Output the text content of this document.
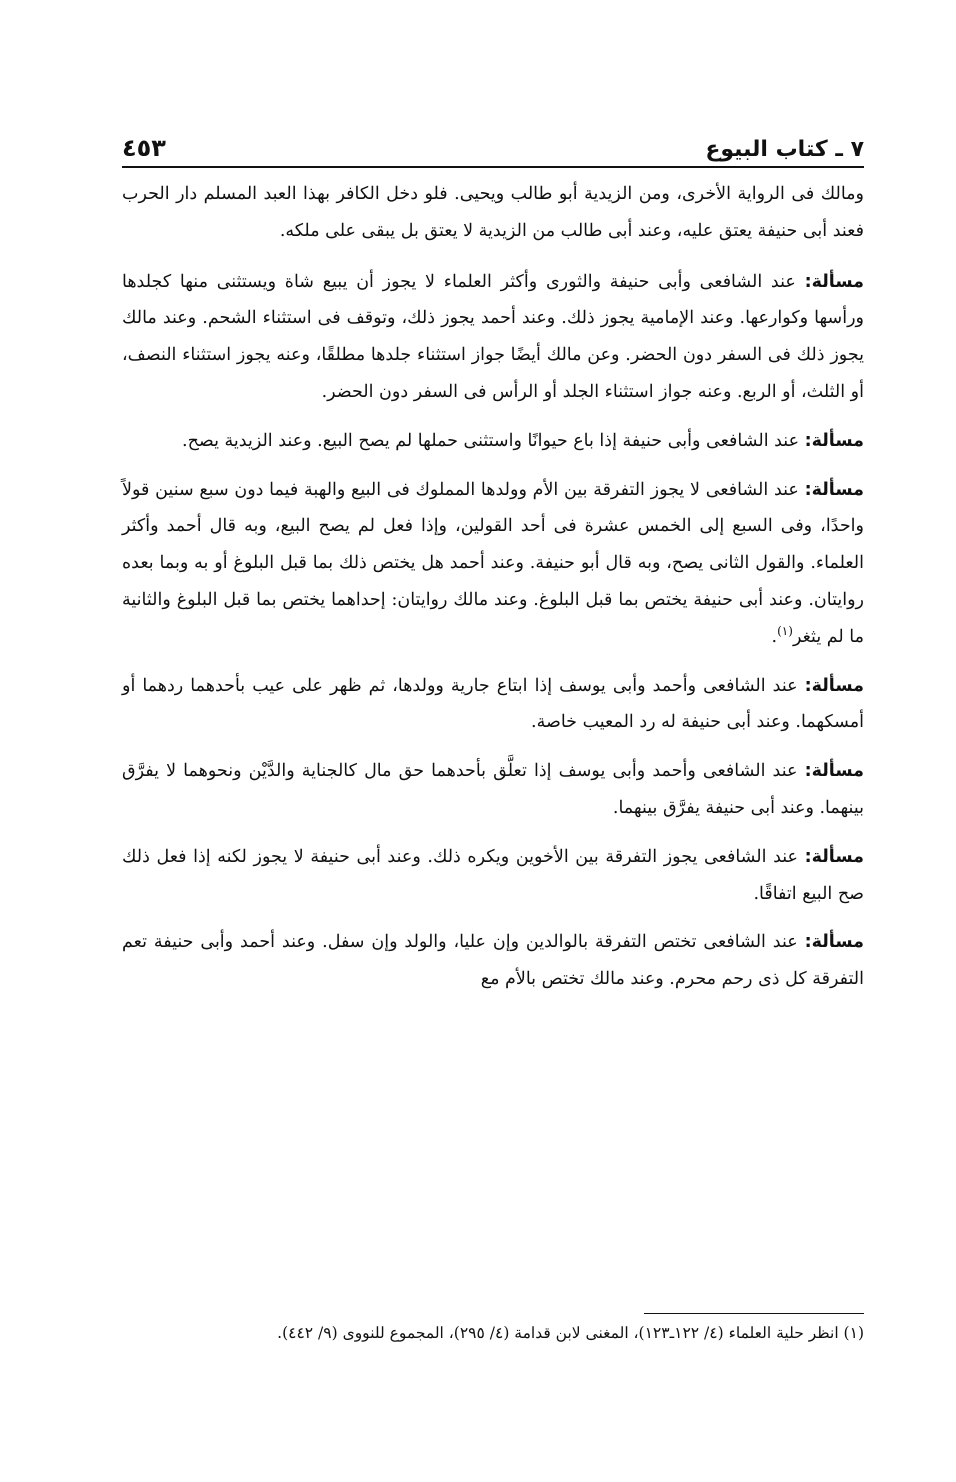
٧ ـ كتاب البيوع
٤٥٣

ومالك فى الرواية الأخرى، ومن الزيدية أبو طالب ويحيى. فلو دخل الكافر بهذا العبد المسلم دار الحرب فعند أبى حنيفة يعتق عليه، وعند أبى طالب من الزيدية لا يعتق بل يبقى على ملكه.

مسألة: عند الشافعى وأبى حنيفة والثورى وأكثر العلماء لا يجوز أن يبيع شاة ويستثنى منها كجلدها ورأسها وكوارعها. وعند الإمامية يجوز ذلك. وعند أحمد يجوز ذلك، وتوقف فى استثناء الشحم. وعند مالك يجوز ذلك فى السفر دون الحضر. وعن مالك أيضًا جواز استثناء جلدها مطلقًا، وعنه يجوز استثناء النصف، أو الثلث، أو الربع. وعنه جواز استثناء الجلد أو الرأس فى السفر دون الحضر.

مسألة: عند الشافعى وأبى حنيفة إذا باع حيوانًا واستثنى حملها لم يصح البيع. وعند الزيدية يصح.

مسألة: عند الشافعى لا يجوز التفرقة بين الأم وولدها المملوك فى البيع والهبة فيما دون سبع سنين قولاً واحدًا، وفى السبع إلى الخمس عشرة فى أحد القولين، وإذا فعل لم يصح البيع، وبه قال أحمد وأكثر العلماء. والقول الثانى يصح، وبه قال أبو حنيفة. وعند أحمد هل يختص ذلك بما قبل البلوغ أو به وبما بعده روايتان. وعند أبى حنيفة يختص بما قبل البلوغ. وعند مالك روايتان: إحداهما يختص بما قبل البلوغ والثانية ما لم يثغر$^{(١)}$.

مسألة: عند الشافعى وأحمد وأبى يوسف إذا ابتاع جارية وولدها، ثم ظهر على عيب بأحدهما ردهما أو أمسكهما. وعند أبى حنيفة له رد المعيب خاصة.

مسألة: عند الشافعى وأحمد وأبى يوسف إذا تعلَّق بأحدهما حق مال كالجناية والدَّيْن ونحوهما لا يفرَّق بينهما. وعند أبى حنيفة يفرَّق بينهما.

مسألة: عند الشافعى يجوز التفرقة بين الأخوين ويكره ذلك. وعند أبى حنيفة لا يجوز لكنه إذا فعل ذلك صح البيع اتفاقًا.

مسألة: عند الشافعى تختص التفرقة بالوالدين وإن عليا، والولد وإن سفل. وعند أحمد وأبى حنيفة تعم التفرقة كل ذى رحم محرم. وعند مالك تختص بالأم مع

(١) انظر حلية العلماء (٤/ ١٢٢ـ١٢٣)، المغنى لابن قدامة (٤/ ٢٩٥)، المجموع للنووى (٩/ ٤٤٢).
